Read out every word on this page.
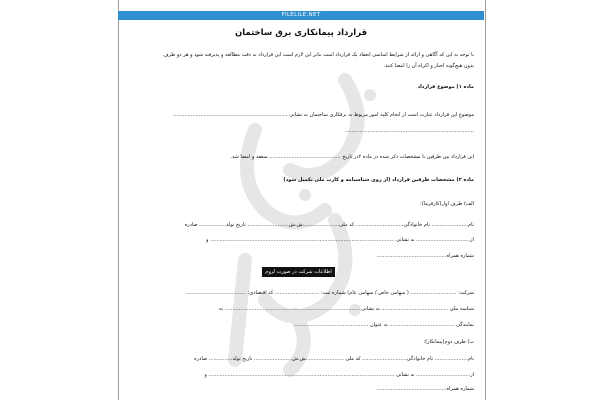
FILELILE.NET
قرارداد پیمانکاری برق ساختمان
با توجه به این که آگاهی و ارائه از شرایط اساسی انعقاد یک قرارداد است بنابر این لازم است این قرارداد به دقت مطالعه و پذیرفته شود و هر دو طرف
بدون هیچ‌گونه اجبار و اکراه آن را امضا کنند.
ماده ۱) موضوع قرارداد
موضوع این قرارداد عبارت است از انجام کلیه امور مربوط به برقکاری ساختمان به نشانی ........................................................................
.................................................................................
این قرارداد بین طرفین با مشخصات ذکر شده در ماده ۲در تاریخ ............................................. منعقد و امضا شد.
ماده ۲) مشخصات طرفین قرارداد (از روی شناسنامه و کارت ملی تکمیل شود)
الف) طرف اول(کارفرما):
نام....................... نام خانوادگی.............................. کد ملی.......................ش.ش.......................... تاریخ تولد................. صادره
از.................................. به نشانی .................................................................................................................... و
شماره همراه............................................
اطلاعات شرکت در صورت لزوم
شرکت: ............................. ( سهامی خاص / سهامی عام) شماره ثبت: ............................ کد اقتصادی: ......................................
شناسه ملی .......................................... به نشانی ..................................................................................... به
نمایندگی ......................................... به عنوان ...............................................
ب) طرف دوم(پیمانکار):
نام..................... نام خانوادگی............................ کد ملی ........................ش.ش........................ تاریخ تولد............... صادره
از.................................. به نشانی ..................................................................................................................... و
شماره همراه............................................
